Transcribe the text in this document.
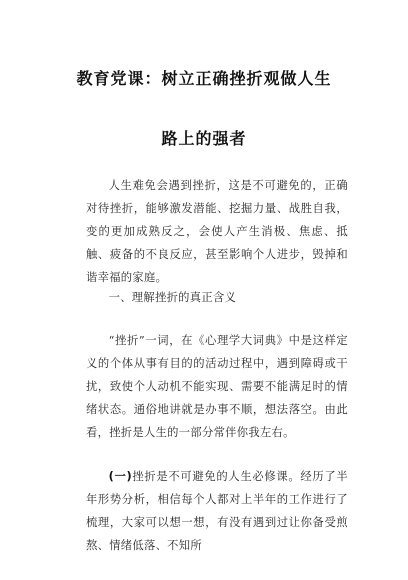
教育党课：树立正确挫折观做人生
路上的强者
人生难免会遇到挫折，这是不可避免的，正确对待挫折，能够激发潜能、挖掘力量、战胜自我，变的更加成熟反之，会使人产生消极、焦虑、抵触、疲备的不良反应，甚至影响个人进步，毁掉和谐幸福的家庭。
一、理解挫折的真正含义
“挫折”一词，在《心理学大词典》中是这样定义的个体从事有目的的活动过程中，遇到障碍或干扰，致使个人动机不能实现、需要不能满足时的情绪状态。通俗地讲就是办事不顺，想法落空。由此看，挫折是人生的一部分常伴你我左右。
(一)挫折是不可避免的人生必修课。经历了半年形势分析，相信每个人都对上半年的工作进行了梳理，大家可以想一想，有没有遇到过让你备受煎熬、情绪低落、不知所
